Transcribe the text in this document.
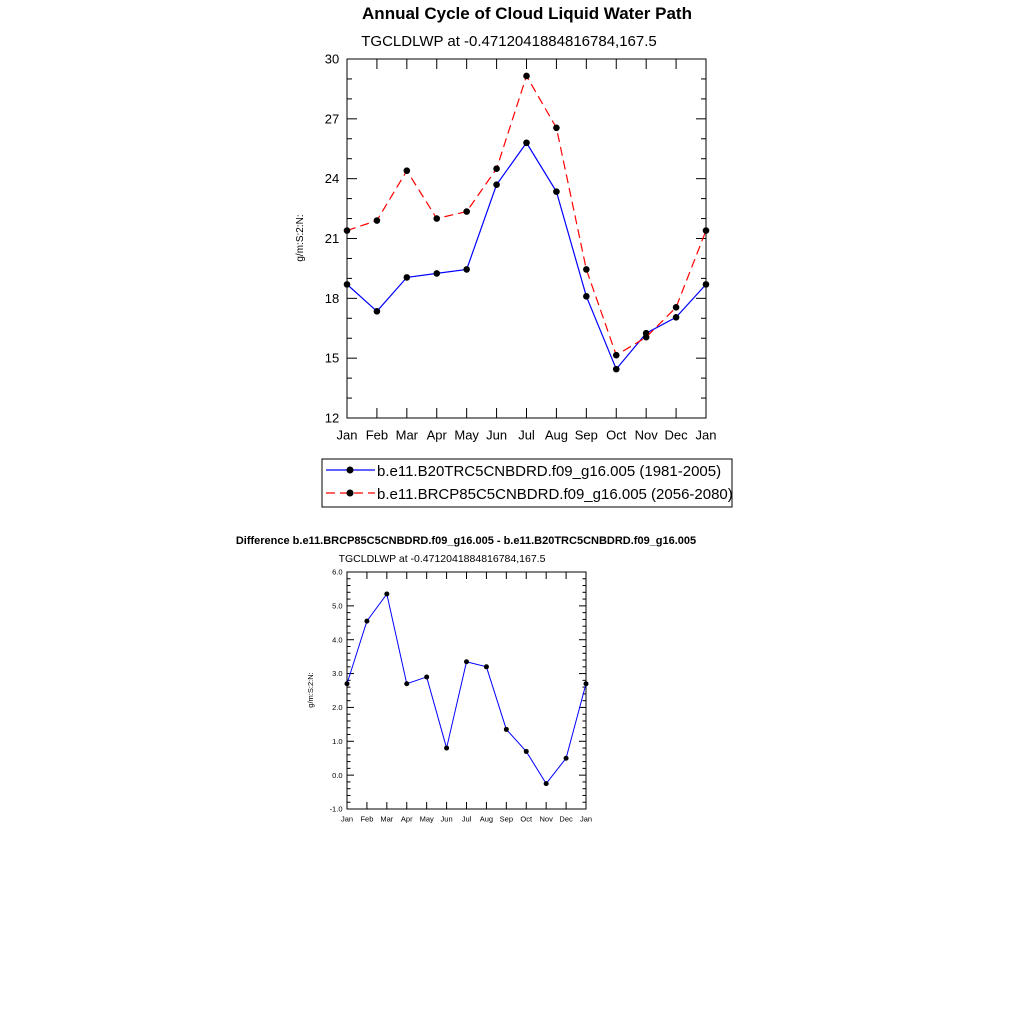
Annual Cycle of Cloud Liquid Water Path
TGCLDLWP at -0.4712041884816784,167.5
g/m:S:2:N:
b.e11.B20TRC5CNBDRD.f09_g16.005 (1981-2005)
b.e11.BRCP85C5CNBDRD.f09_g16.005 (2056-2080)
Jan Feb Mar Apr May Jun Jul Aug Sep Oct Nov Dec Jan
12
15
18
21
24
27
30
Difference b.e11.BRCP85C5CNBDRD.f09_g16.005 - b.e11.B20TRC5CNBDRD.f09_g16.005
TGCLDLWP at -0.4712041884816784,167.5
g/m:S:2:N:
Jan Feb Mar Apr May Jun Jul Aug Sep Oct Nov Dec Jan
-1.0
0.0
1.0
2.0
3.0
4.0
5.0
6.0
